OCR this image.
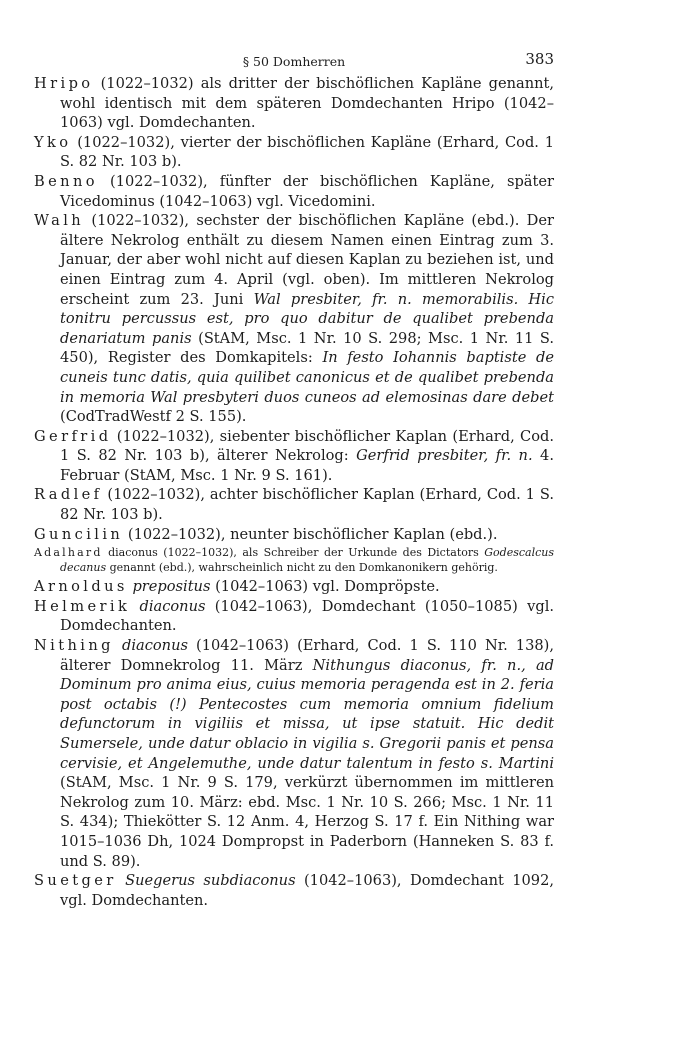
§ 50 Domherren	383
Hripo (1022–1032) als dritter der bischöflichen Kapläne genannt, wohl identisch mit dem späteren Domdechanten Hripo (1042–1063) vgl. Domdechanten.
Yko (1022–1032), vierter der bischöflichen Kapläne (Erhard, Cod. 1 S. 82 Nr. 103 b).
Benno (1022–1032), fünfter der bischöflichen Kapläne, später Vicedominus (1042–1063) vgl. Vicedomini.
Walh (1022–1032), sechster der bischöflichen Kapläne (ebd.). Der ältere Nekrolog enthält zu diesem Namen einen Eintrag zum 3. Januar, der aber wohl nicht auf diesen Kaplan zu beziehen ist, und einen Eintrag zum 4. April (vgl. oben). Im mittleren Nekrolog erscheint zum 23. Juni Wal presbiter, fr. n. memorabilis. Hic tonitru percussus est, pro quo dabitur de qualibet prebenda denariatum panis (StAM, Msc. 1 Nr. 10 S. 298; Msc. 1 Nr. 11 S. 450), Register des Domkapitels: In festo Iohannis baptiste de cuneis tunc datis, quia quilibet canonicus et de qualibet prebenda in memoria Wal presbyteri duos cuneos ad elemosinas dare debet (CodTradWestf 2 S. 155).
Gerfrid (1022–1032), siebenter bischöflicher Kaplan (Erhard, Cod. 1 S. 82 Nr. 103 b), älterer Nekrolog: Gerfrid presbiter, fr. n. 4. Februar (StAM, Msc. 1 Nr. 9 S. 161).
Radlef (1022–1032), achter bischöflicher Kaplan (Erhard, Cod. 1 S. 82 Nr. 103 b).
Guncilin (1022–1032), neunter bischöflicher Kaplan (ebd.).
Adalhard diaconus (1022–1032), als Schreiber der Urkunde des Dictators Godescalcus decanus genannt (ebd.), wahrscheinlich nicht zu den Domkanonikern gehörig.
Arnoldus prepositus (1042–1063) vgl. Dompröpste.
Helmerik diaconus (1042–1063), Domdechant (1050–1085) vgl. Domdechanten.
Nithing diaconus (1042–1063) (Erhard, Cod. 1 S. 110 Nr. 138), älterer Domnekrolog 11. März Nithungus diaconus, fr. n., ad Dominum pro anima eius, cuius memoria peragenda est in 2. feria post octabis (!) Pentecostes cum memoria omnium fidelium defunctorum in vigiliis et missa, ut ipse statuit. Hic dedit Sumersele, unde datur oblacio in vigilia s. Gregorii panis et pensa cervisie, et Angelemuthe, unde datur talentum in festo s. Martini (StAM, Msc. 1 Nr. 9 S. 179, verkürzt übernommen im mittleren Nekrolog zum 10. März: ebd. Msc. 1 Nr. 10 S. 266; Msc. 1 Nr. 11 S. 434); Thiekötter S. 12 Anm. 4, Herzog S. 17 f. Ein Nithing war 1015–1036 Dh, 1024 Dompropst in Paderborn (Hanneken S. 83 f. und S. 89).
Suetger Suegerus subdiaconus (1042–1063), Domdechant 1092, vgl. Domdechanten.
